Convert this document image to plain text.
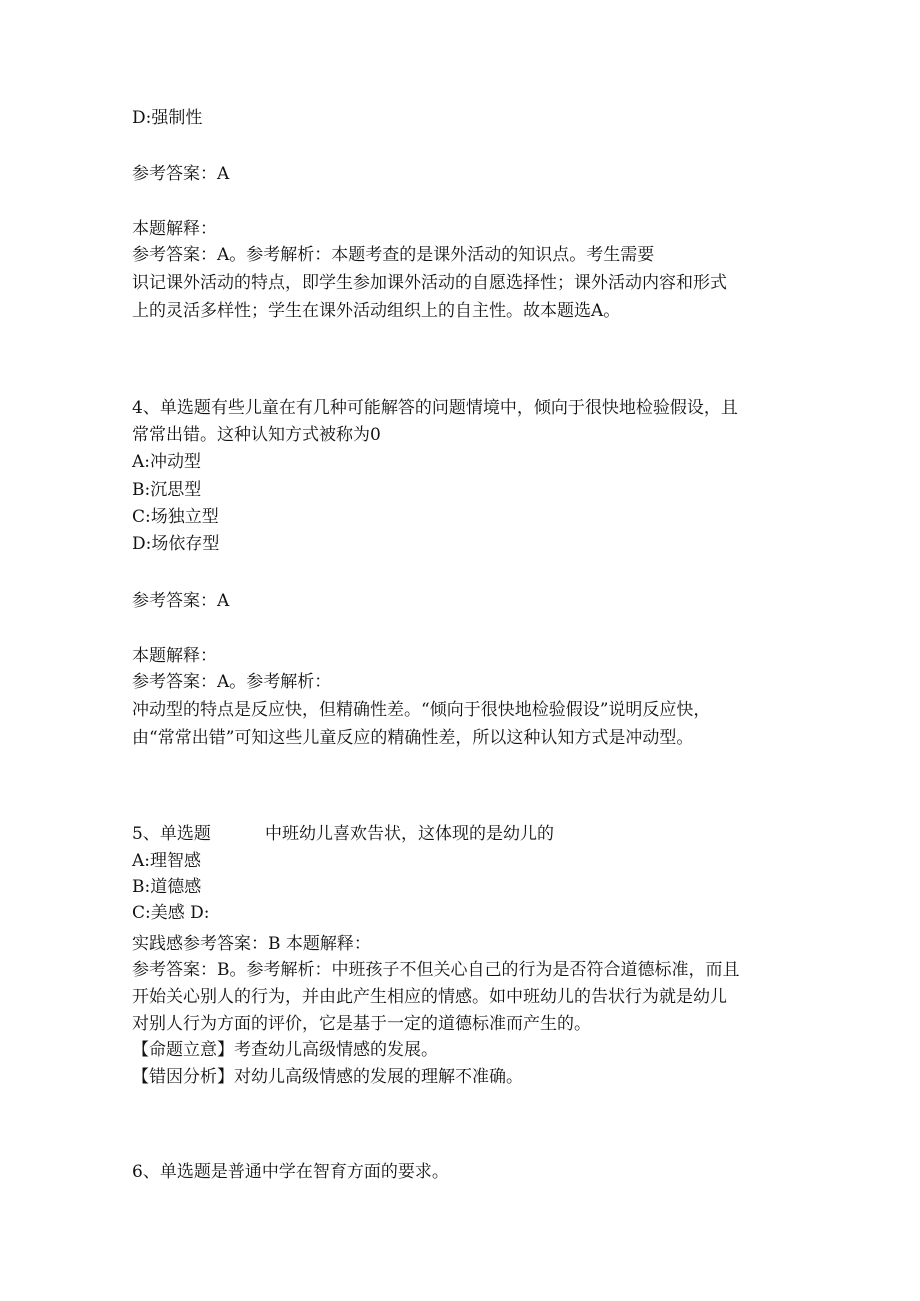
D:强制性
参考答案：A
本题解释：
参考答案：A。参考解析：本题考查的是课外活动的知识点。考生需要
识记课外活动的特点，即学生参加课外活动的自愿选择性；课外活动内容和形式
上的灵活多样性；学生在课外活动组织上的自主性。故本题选A。
4、单选题有些儿童在有几种可能解答的问题情境中，倾向于很快地检验假设，且
常常出错。这种认知方式被称为0
A:冲动型
B:沉思型
C:场独立型
D:场依存型
参考答案：A
本题解释：
参考答案：A。参考解析：
冲动型的特点是反应快，但精确性差。“倾向于很快地检验假设”说明反应快，
由“常常出错”可知这些儿童反应的精确性差，所以这种认知方式是冲动型。
5、单选题	中班幼儿喜欢告状，这体现的是幼儿的
A:理智感
B:道德感
C:美感 D:
实践感参考答案：B 本题解释：
参考答案：B。参考解析：中班孩子不但关心自己的行为是否符合道德标准，而且
开始关心别人的行为，并由此产生相应的情感。如中班幼儿的告状行为就是幼儿
对别人行为方面的评价，它是基于一定的道德标准而产生的。
【命题立意】考查幼儿高级情感的发展。
【错因分析】对幼儿高级情感的发展的理解不准确。
6、单选题是普通中学在智育方面的要求。
